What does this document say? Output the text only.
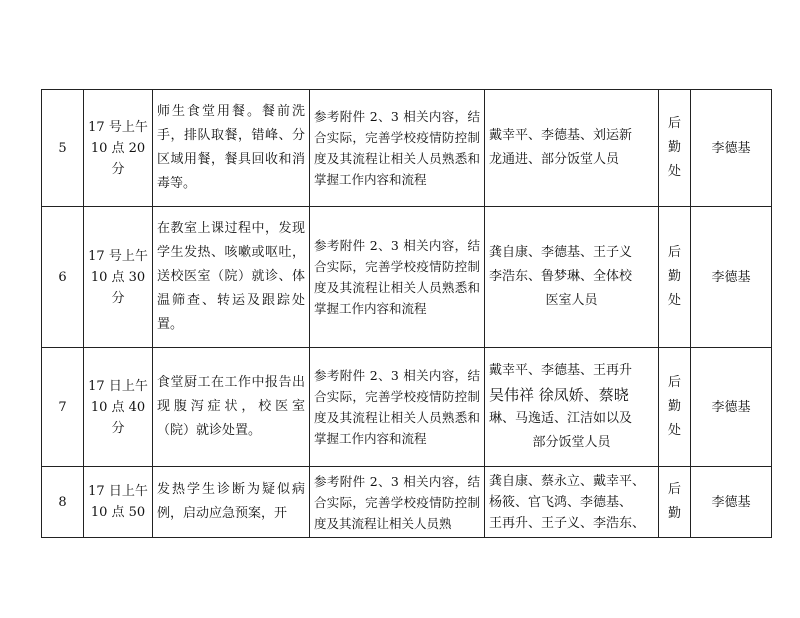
5	17 号上午
10 点 20
分	师生食堂用餐。餐前洗手，排队取餐，错峰、分区域用餐，餐具回收和消毒等。	参考附件 2、3 相关内容，结合实际，完善学校疫情防控制度及其流程让相关人员熟悉和掌握工作内容和流程	戴幸平、李德基、刘运新
龙通进、部分饭堂人员	后
勤
处	李德基
6	17 号上午
10 点 30
分	在教室上课过程中，发现学生发热、咳嗽或呕吐，送校医室（院）就诊、体温筛查、转运及跟踪处置。	参考附件 2、3 相关内容，结合实际，完善学校疫情防控制度及其流程让相关人员熟悉和掌握工作内容和流程	龚自康、李德基、王子义
李浩东、鲁梦琳、全体校
医室人员	后
勤
处	李德基
7	17 日上午
10 点 40
分	食堂厨工在工作中报告出现腹泻症状，校医室（院）就诊处置。	参考附件 2、3 相关内容，结合实际，完善学校疫情防控制度及其流程让相关人员熟悉和掌握工作内容和流程	戴幸平、李德基、王再升
吴伟祥 徐凤娇、蔡晓
琳、马逸适、江洁如以及
部分饭堂人员	后
勤
处	李德基
8	17 日上午
10 点 50	发热学生诊断为疑似病例，启动应急预案，开	参考附件 2、3 相关内容，结合实际，完善学校疫情防控制度及其流程让相关人员熟	龚自康、蔡永立、戴幸平、
杨筱、官飞鸿、李德基、
王再升、王子义、李浩东、	后
勤	李德基
